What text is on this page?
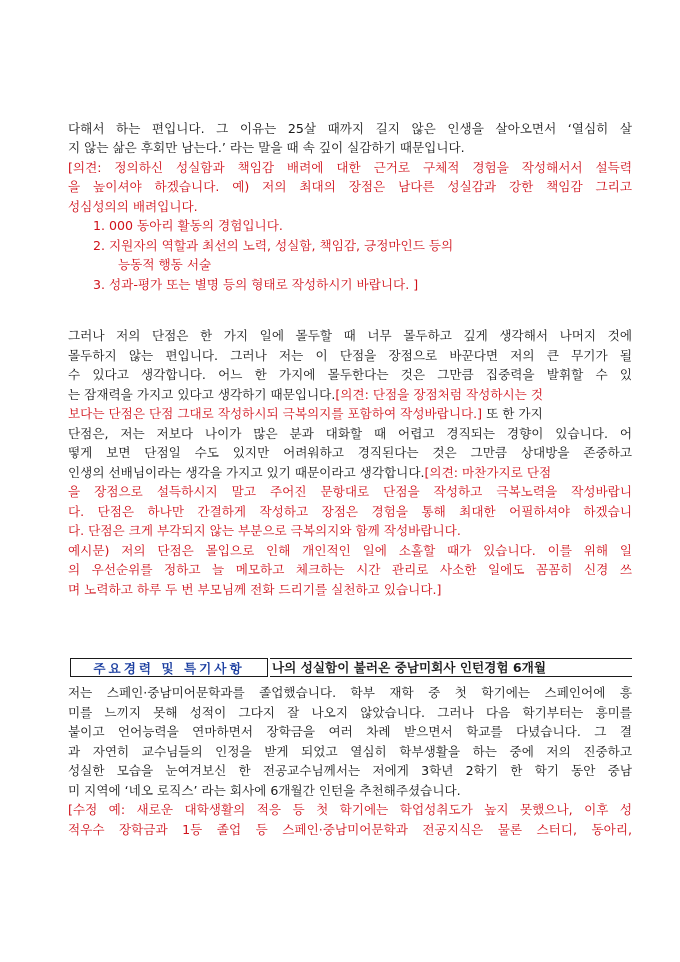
다해서 하는 편입니다. 그 이유는 25살 때까지 길지 않은 인생을 살아오면서 ‘열심히 살
지 않는 삶은 후회만 남는다.’ 라는 말을 때 속 깊이 실감하기 때문입니다.
[의견: 정의하신 성실함과 책임감 배려에 대한 근거로 구체적 경험을 작성해서서 설득력
을 높이셔야 하겠습니다. 예) 저의 최대의 장점은 남다른 성실감과 강한 책임감 그리고
성심성의의 배려입니다.
1. 000 동아리 활동의 경험입니다.
2. 지원자의 역할과 최선의 노력, 성실함, 책임감, 긍정마인드 등의
능동적 행동 서술
3. 성과-평가 또는 별명 등의 형태로 작성하시기 바랍니다. ]
그러나 저의 단점은 한 가지 일에 몰두할 때 너무 몰두하고 깊게 생각해서 나머지 것에
몰두하지 않는 편입니다. 그러나 저는 이 단점을 장점으로 바꾼다면 저의 큰 무기가 될
수 있다고 생각합니다. 어느 한 가지에 몰두한다는 것은 그만큼 집중력을 발휘할 수 있
는 잠재력을 가지고 있다고 생각하기 때문입니다.[의견: 단점을 장점처럼 작성하시는 것
보다는 단점은 단점 그대로 작성하시되 극복의지를 포함하여 작성바랍니다.] 또 한 가지
단점은, 저는 저보다 나이가 많은 분과 대화할 때 어렵고 경직되는 경향이 있습니다. 어
떻게 보면 단점일 수도 있지만 어려워하고 경직된다는 것은 그만큼 상대방을 존중하고
인생의 선배님이라는 생각을 가지고 있기 때문이라고 생각합니다.[의견: 마찬가지로 단점
을 장점으로 설득하시지 말고 주어진 문항대로 단점을 작성하고 극복노력을 작성바랍니
다. 단점은 하나만 간결하게 작성하고 장점은 경험을 통해 최대한 어필하셔야 하겠습니
다. 단점은 크게 부각되지 않는 부분으로 극복의지와 함께 작성바랍니다.
예시문) 저의 단점은 몰입으로 인해 개인적인 일에 소홀할 때가 있습니다. 이를 위해 일
의 우선순위를 정하고 늘 메모하고 체크하는 시간 관리로 사소한 일에도 꼼꼼히 신경 쓰
며 노력하고 하루 두 번 부모님께 전화 드리기를 실천하고 있습니다.]
주요경력 및 특기사항	나의 성실함이 불러온 중남미회사 인턴경험 6개월
저는 스페인·중남미어문학과를 졸업했습니다. 학부 재학 중 첫 학기에는 스페인어에 흥
미를 느끼지 못해 성적이 그다지 잘 나오지 않았습니다. 그러나 다음 학기부터는 흥미를
붙이고 언어능력을 연마하면서 장학금을 여러 차례 받으면서 학교를 다녔습니다. 그 결
과 자연히 교수님들의 인정을 받게 되었고 열심히 학부생활을 하는 중에 저의 진중하고
성실한 모습을 눈여겨보신 한 전공교수님께서는 저에게 3학년 2학기 한 학기 동안 중남
미 지역에 ‘네오 로직스’ 라는 회사에 6개월간 인턴을 추천해주셨습니다.
[수정 예: 새로운 대학생활의 적응 등 첫 학기에는 학업성취도가 높지 못했으나, 이후 성
적우수 장학금과 1등 졸업 등 스페인·중남미어문학과 전공지식은 물론 스터디, 동아리,
